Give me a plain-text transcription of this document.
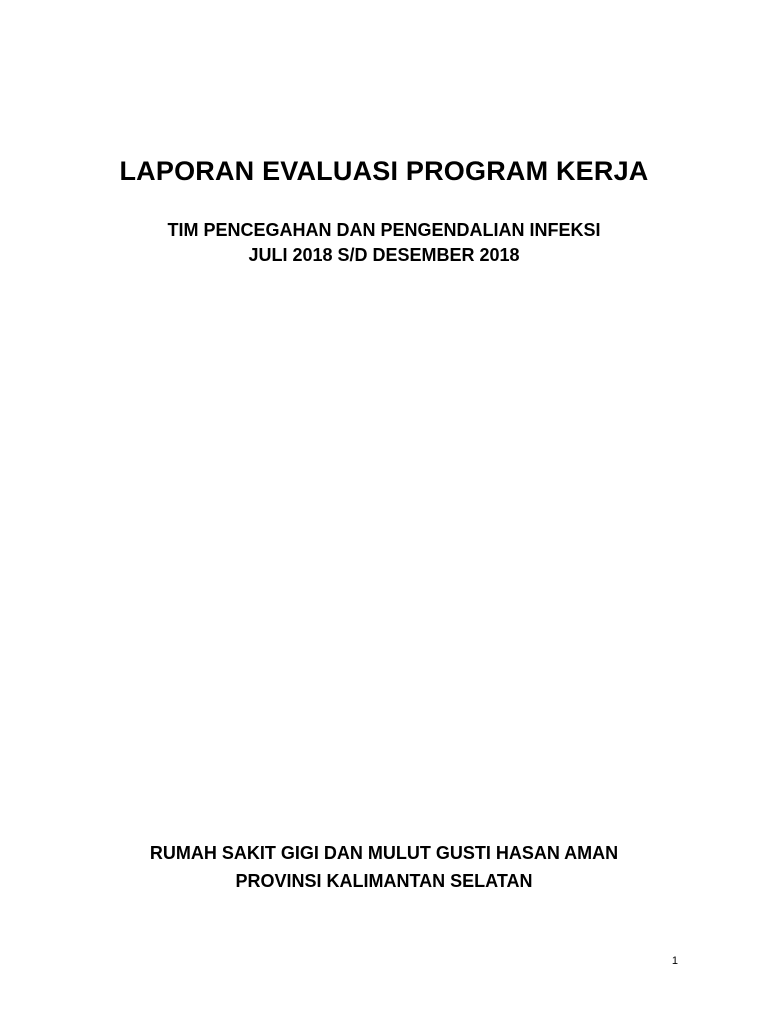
LAPORAN EVALUASI PROGRAM KERJA
TIM PENCEGAHAN DAN PENGENDALIAN INFEKSI
JULI 2018 S/D DESEMBER 2018
RUMAH SAKIT GIGI DAN MULUT GUSTI HASAN AMAN
PROVINSI KALIMANTAN SELATAN
1
